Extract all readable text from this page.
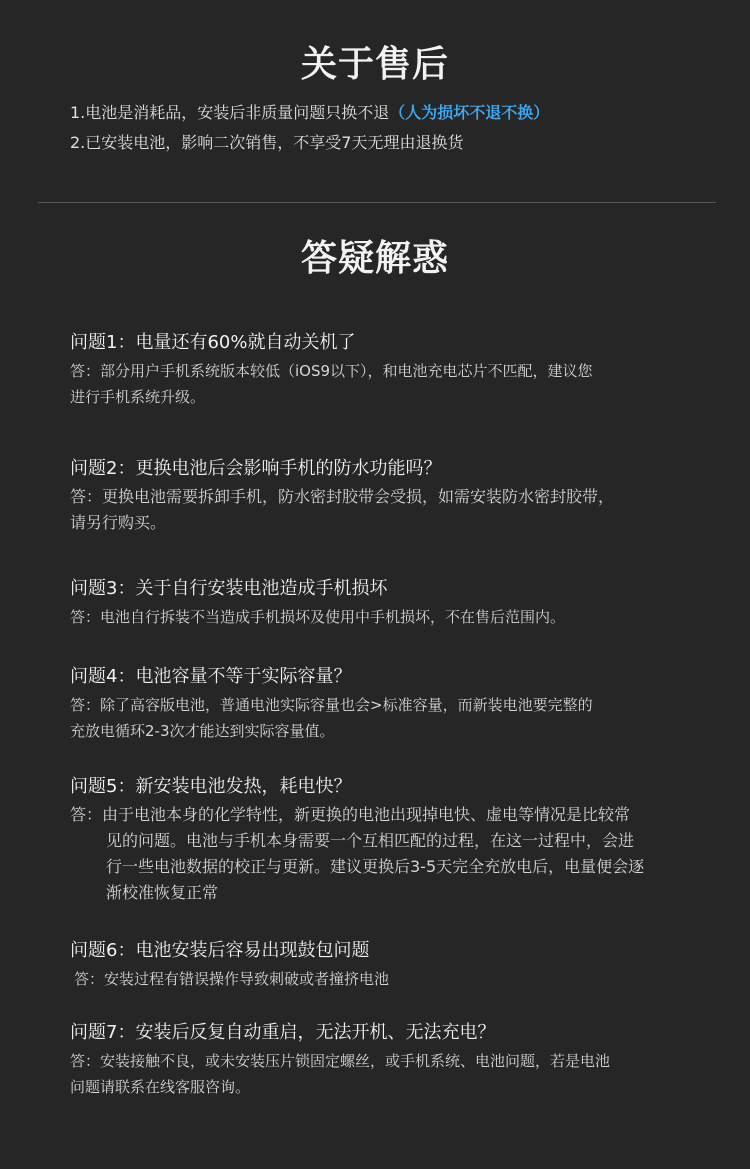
关于售后
1.电池是消耗品，安装后非质量问题只换不退（人为损坏不退不换）
2.已安装电池，影响二次销售，不享受7天无理由退换货
答疑解惑
问题1：电量还有60%就自动关机了
答：部分用户手机系统版本较低（iOS9以下），和电池充电芯片不匹配，建议您
进行手机系统升级。
问题2：更换电池后会影响手机的防水功能吗？
答：更换电池需要拆卸手机，防水密封胶带会受损，如需安装防水密封胶带，
请另行购买。
问题3：关于自行安装电池造成手机损坏
答：电池自行拆装不当造成手机损坏及使用中手机损坏，不在售后范围内。
问题4：电池容量不等于实际容量？
答：除了高容版电池，普通电池实际容量也会>标准容量，而新装电池要完整的
充放电循环2-3次才能达到实际容量值。
问题5：新安装电池发热，耗电快？
答：由于电池本身的化学特性，新更换的电池出现掉电快、虚电等情况是比较常
见的问题。电池与手机本身需要一个互相匹配的过程，在这一过程中，会进
行一些电池数据的校正与更新。建议更换后3-5天完全充放电后，电量便会逐
渐校准恢复正常
问题6：电池安装后容易出现鼓包问题
答：安装过程有错误操作导致刺破或者撞挤电池
问题7：安装后反复自动重启，无法开机、无法充电？
答：安装接触不良，或未安装压片锁固定螺丝，或手机系统、电池问题，若是电池
问题请联系在线客服咨询。
